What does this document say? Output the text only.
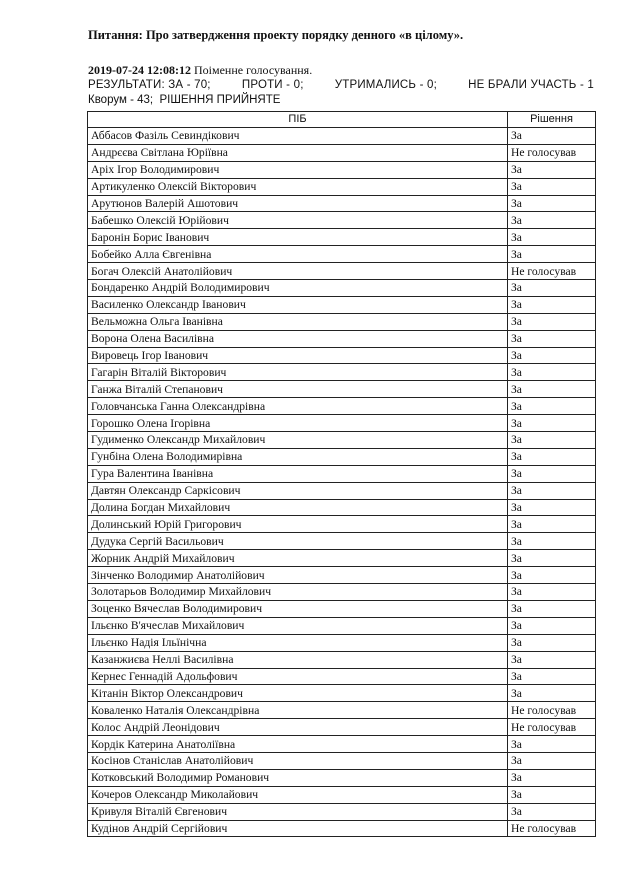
Питання: Про затвердження проекту порядку денного «в цілому».
2019-07-24 12:08:12 Поіменне голосування.
РЕЗУЛЬТАТИ: ЗА - 70;	ПРОТИ - 0;	УТРИМАЛИСЬ - 0;	НЕ БРАЛИ УЧАСТЬ - 1
Кворум - 43; РІШЕННЯ ПРИЙНЯТЕ
ПІБ	Рішення
Аббасов Фазіль Севиндікович	За
Андрєєва Світлана Юріївна	Не голосував
Аріх Ігор Володимирович	За
Артикуленко Олексій Вікторович	За
Арутюнов Валерій Ашотович	За
Бабешко Олексій Юрійович	За
Баронін Борис Іванович	За
Бобейко Алла Євгенівна	За
Богач Олексій Анатолійович	Не голосував
Бондаренко Андрій Володимирович	За
Василенко Олександр Іванович	За
Вельможна Ольга Іванівна	За
Ворона Олена Василівна	За
Вировець Ігор Іванович	За
Гагарін Віталій Вікторович	За
Ганжа Віталій Степанович	За
Головчанська Ганна Олександрівна	За
Горошко Олена Ігорівна	За
Гудименко Олександр Михайлович	За
Гунбіна Олена Володимирівна	За
Гура Валентина Іванівна	За
Давтян Олександр Саркісович	За
Долина Богдан Михайлович	За
Долинський Юрій Григорович	За
Дудука Сергій Васильович	За
Жорник Андрій Михайлович	За
Зінченко Володимир Анатолійович	За
Золотарьов Володимир Михайлович	За
Зоценко Вячеслав Володимирович	За
Ільєнко В'ячеслав Михайлович	За
Ільєнко Надія Ільїнічна	За
Казанжиєва Неллі Василівна	За
Кернес Геннадій Адольфович	За
Кітанін Віктор Олександрович	За
Коваленко Наталія Олександрівна	Не голосував
Колос Андрій Леонідович	Не голосував
Кордік Катерина Анатоліївна	За
Косінов Станіслав Анатолійович	За
Котковський Володимир Романович	За
Кочеров Олександр Миколайович	За
Кривуля Віталій Євгенович	За
Кудінов Андрій Сергійович	Не голосував
